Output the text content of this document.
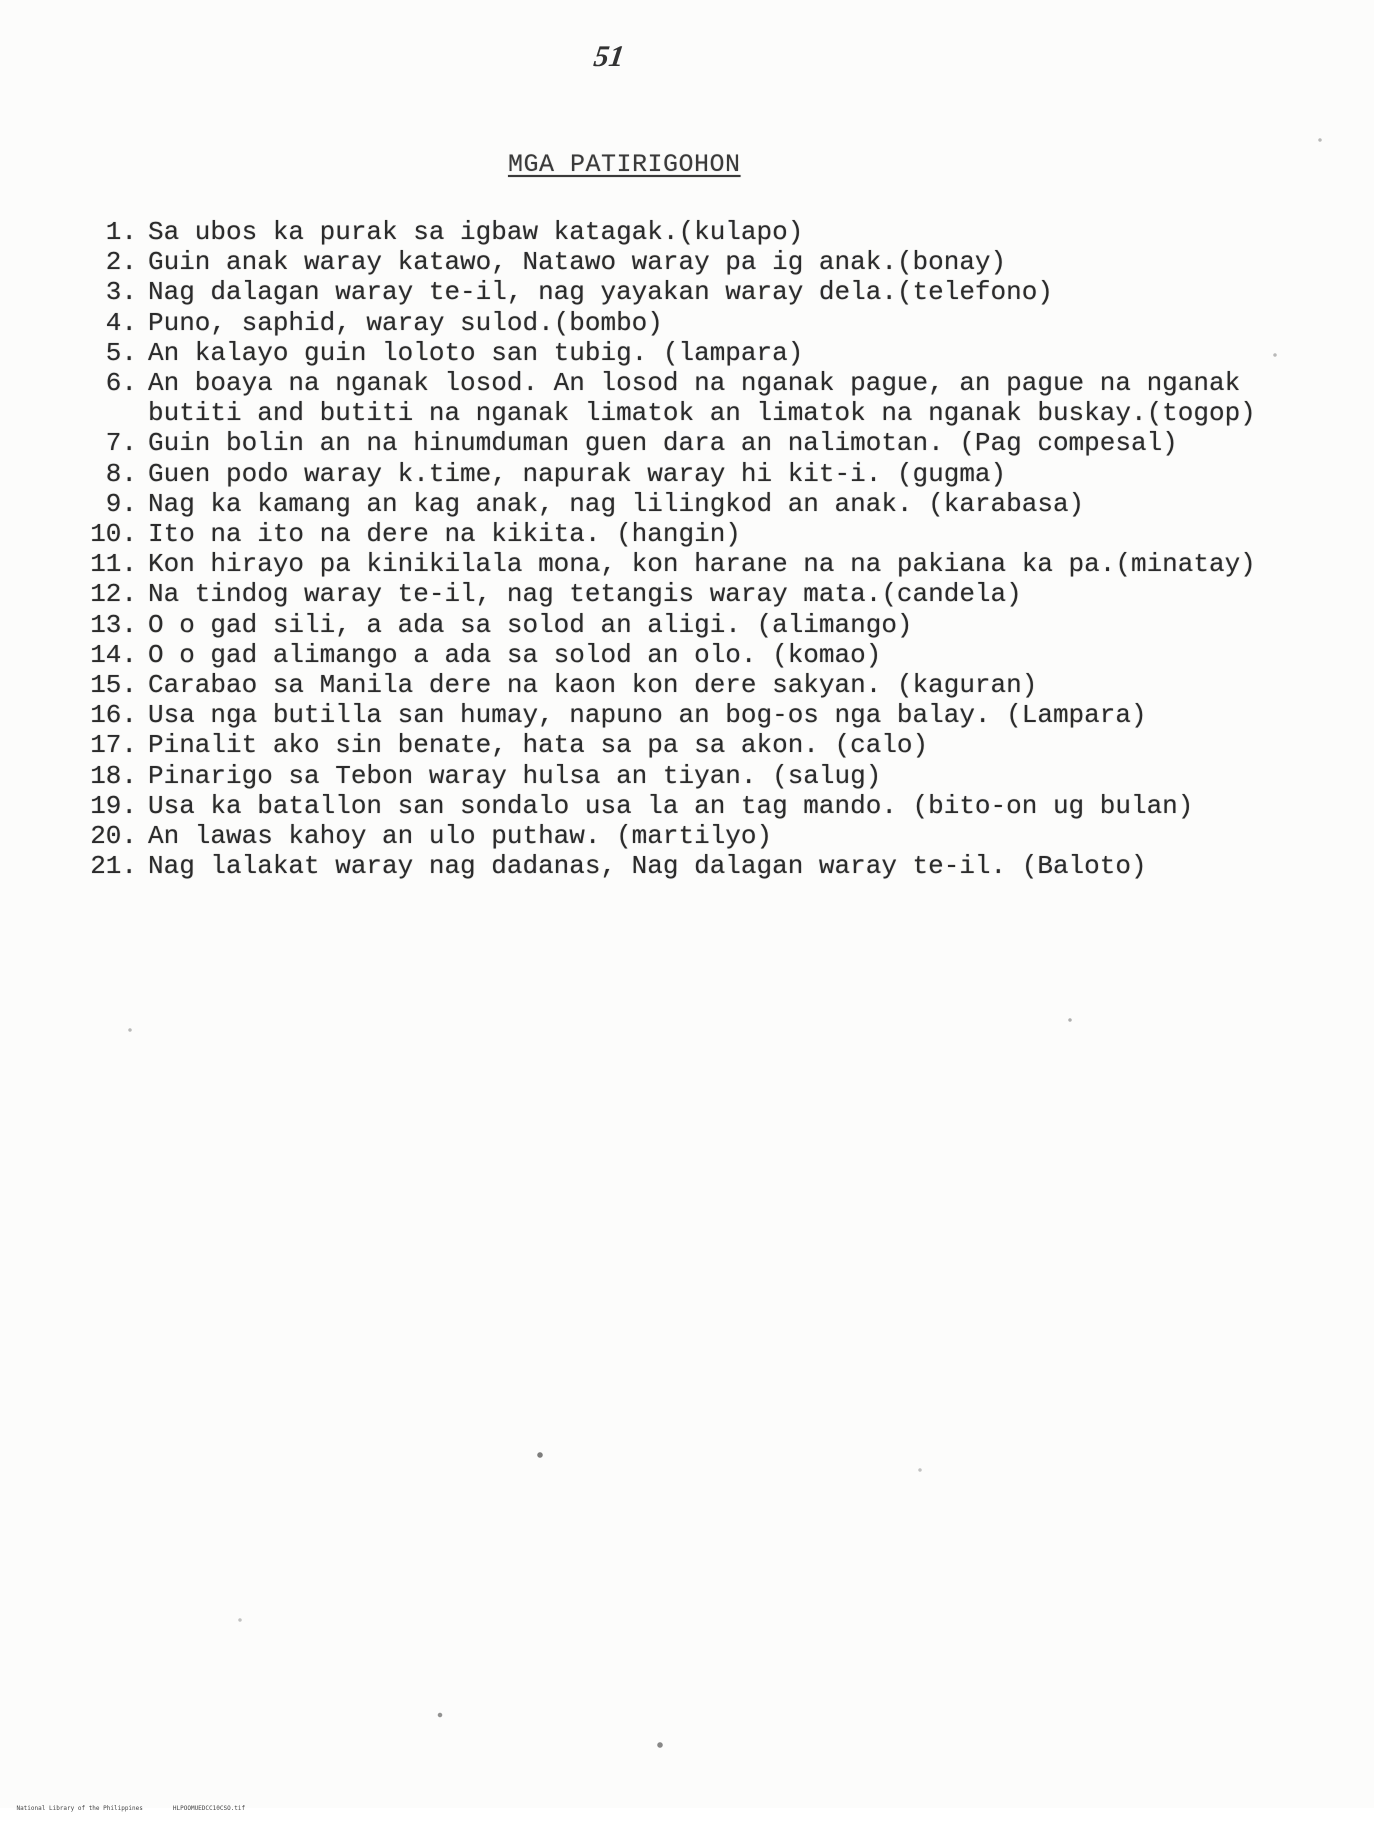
51
MGA PATIRIGOHON
1. Sa ubos ka purak sa igbaw katagak.(kulapo)
2. Guin anak waray katawo, Natawo waray pa ig anak.(bonay)
3. Nag dalagan waray te-il, nag yayakan waray dela.(telefono)
4. Puno, saphid, waray sulod.(bombo)
5. An kalayo guin loloto san tubig. (lampara)
6. An boaya na nganak losod. An losod na nganak pague, an pague na nganak
butiti and butiti na nganak limatok an limatok na nganak buskay.(togop)
7. Guin bolin an na hinumduman guen dara an nalimotan. (Pag compesal)
8. Guen podo waray k.time, napurak waray hi kit-i. (gugma)
9. Nag ka kamang an kag anak, nag lilingkod an anak. (karabasa)
10. Ito na ito na dere na kikita. (hangin)
11. Kon hirayo pa kinikilala mona, kon harane na na pakiana ka pa.(minatay)
12. Na tindog waray te-il, nag tetangis waray mata.(candela)
13. O o gad sili, a ada sa solod an aligi. (alimango)
14. O o gad alimango a ada sa solod an olo. (komao)
15. Carabao sa Manila dere na kaon kon dere sakyan. (kaguran)
16. Usa nga butilla san humay, napuno an bog-os nga balay. (Lampara)
17. Pinalit ako sin benate, hata sa pa sa akon. (calo)
18. Pinarigo sa Tebon waray hulsa an tiyan. (salug)
19. Usa ka batallon san sondalo usa la an tag mando. (bito-on ug bulan)
20. An lawas kahoy an ulo puthaw. (martilyo)
21. Nag lalakat waray nag dadanas, Nag dalagan waray te-il. (Baloto)

National Library of the Philippines	HLPOOMUEDCC10CSO.tif
